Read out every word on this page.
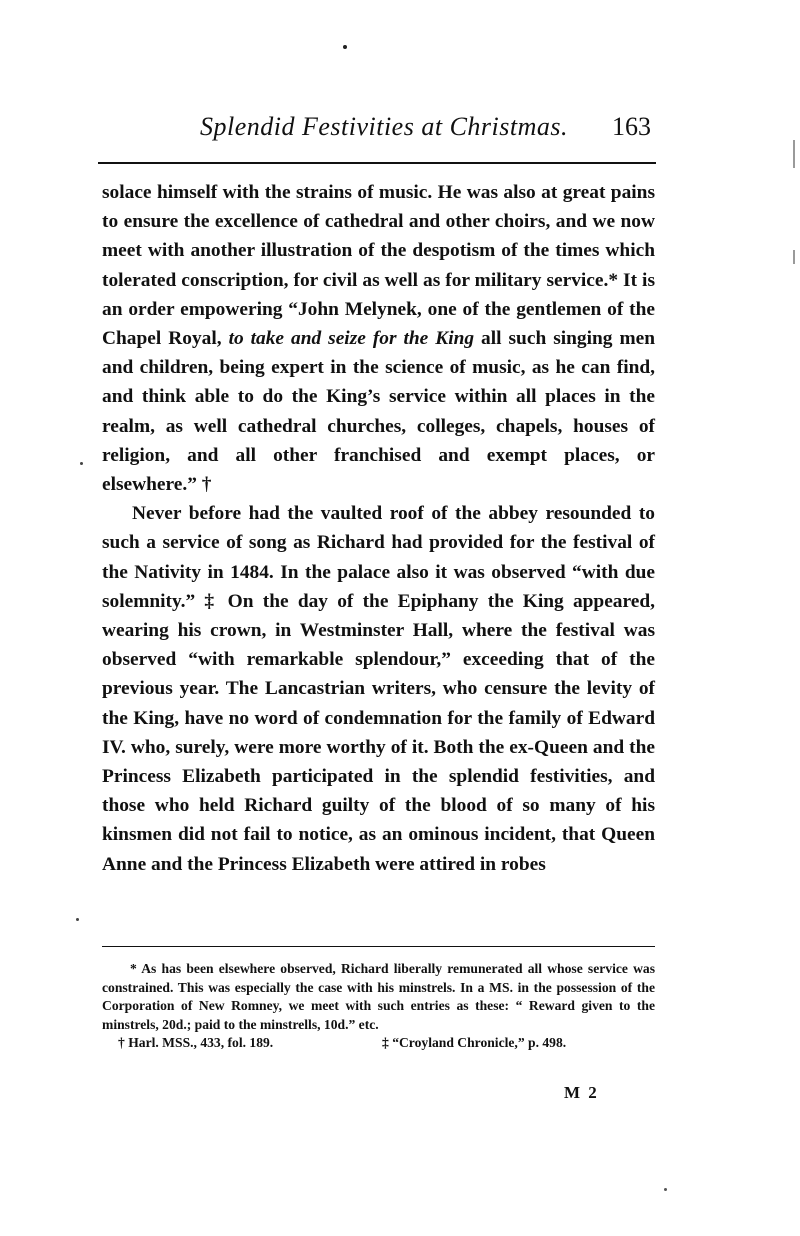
Splendid Festivities at Christmas. 163

solace himself with the strains of music. He was also at great pains to ensure the excellence of cathedral and other choirs, and we now meet with another illustration of the despotism of the times which tolerated conscription, for civil as well as for military service.* It is an order empowering “John Melynek, one of the gentlemen of the Chapel Royal, to take and seize for the King all such singing men and children, being expert in the science of music, as he can find, and think able to do the King’s service within all places in the realm, as well cathedral churches, colleges, chapels, houses of religion, and all other franchised and exempt places, or elsewhere.” †

Never before had the vaulted roof of the abbey resounded to such a service of song as Richard had provided for the festival of the Nativity in 1484. In the palace also it was observed “with due solemnity.” ‡ On the day of the Epiphany the King appeared, wearing his crown, in Westminster Hall, where the festival was observed “with remarkable splendour,” exceeding that of the previous year. The Lancastrian writers, who censure the levity of the King, have no word of condemnation for the family of Edward IV. who, surely, were more worthy of it. Both the ex-Queen and the Princess Elizabeth participated in the splendid festivities, and those who held Richard guilty of the blood of so many of his kinsmen did not fail to notice, as an ominous incident, that Queen Anne and the Princess Elizabeth were attired in robes

* As has been elsewhere observed, Richard liberally remunerated all whose service was constrained. This was especially the case with his minstrels. In a MS. in the possession of the Corporation of New Romney, we meet with such entries as these: “ Reward given to the minstrels, 20d.; paid to the minstrells, 10d.” etc.

† Harl. MSS., 433, fol. 189.	‡ “Croyland Chronicle,” p. 498.
M 2
